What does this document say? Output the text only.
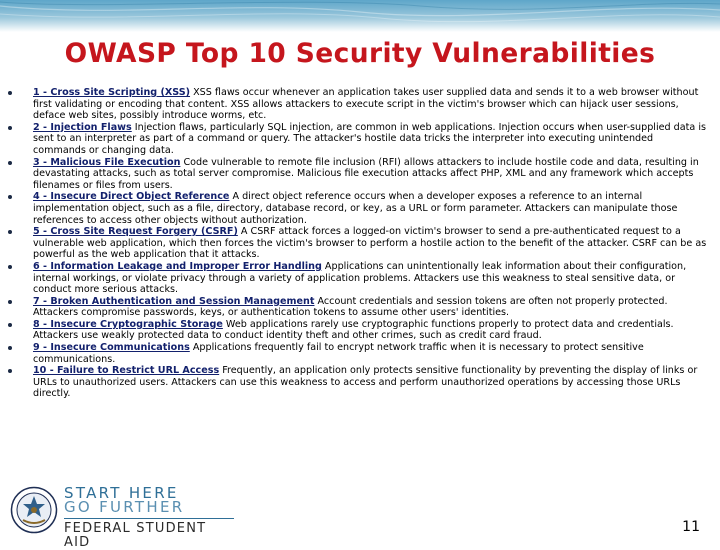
OWASP Top 10 Security Vulnerabilities
1 - Cross Site Scripting (XSS) XSS flaws occur whenever an application takes user supplied data and sends it to a web browser without first validating or encoding that content. XSS allows attackers to execute script in the victim's browser which can hijack user sessions, deface web sites, possibly introduce worms, etc.
2 - Injection Flaws Injection flaws, particularly SQL injection, are common in web applications. Injection occurs when user-supplied data is sent to an interpreter as part of a command or query. The attacker's hostile data tricks the interpreter into executing unintended commands or changing data.
3 - Malicious File Execution Code vulnerable to remote file inclusion (RFI) allows attackers to include hostile code and data, resulting in devastating attacks, such as total server compromise. Malicious file execution attacks affect PHP, XML and any framework which accepts filenames or files from users.
4 - Insecure Direct Object Reference A direct object reference occurs when a developer exposes a reference to an internal implementation object, such as a file, directory, database record, or key, as a URL or form parameter. Attackers can manipulate those references to access other objects without authorization.
5 - Cross Site Request Forgery (CSRF) A CSRF attack forces a logged-on victim's browser to send a pre-authenticated request to a vulnerable web application, which then forces the victim's browser to perform a hostile action to the benefit of the attacker. CSRF can be as powerful as the web application that it attacks.
6 - Information Leakage and Improper Error Handling Applications can unintentionally leak information about their configuration, internal workings, or violate privacy through a variety of application problems. Attackers use this weakness to steal sensitive data, or conduct more serious attacks.
7 - Broken Authentication and Session Management Account credentials and session tokens are often not properly protected. Attackers compromise passwords, keys, or authentication tokens to assume other users' identities.
8 - Insecure Cryptographic Storage Web applications rarely use cryptographic functions properly to protect data and credentials. Attackers use weakly protected data to conduct identity theft and other crimes, such as credit card fraud.
9 - Insecure Communications Applications frequently fail to encrypt network traffic when it is necessary to protect sensitive communications.
10 - Failure to Restrict URL Access Frequently, an application only protects sensitive functionality by preventing the display of links or URLs to unauthorized users. Attackers can use this weakness to access and perform unauthorized operations by accessing those URLs directly.
START HERE
GO FURTHER
FEDERAL STUDENT AID
11
